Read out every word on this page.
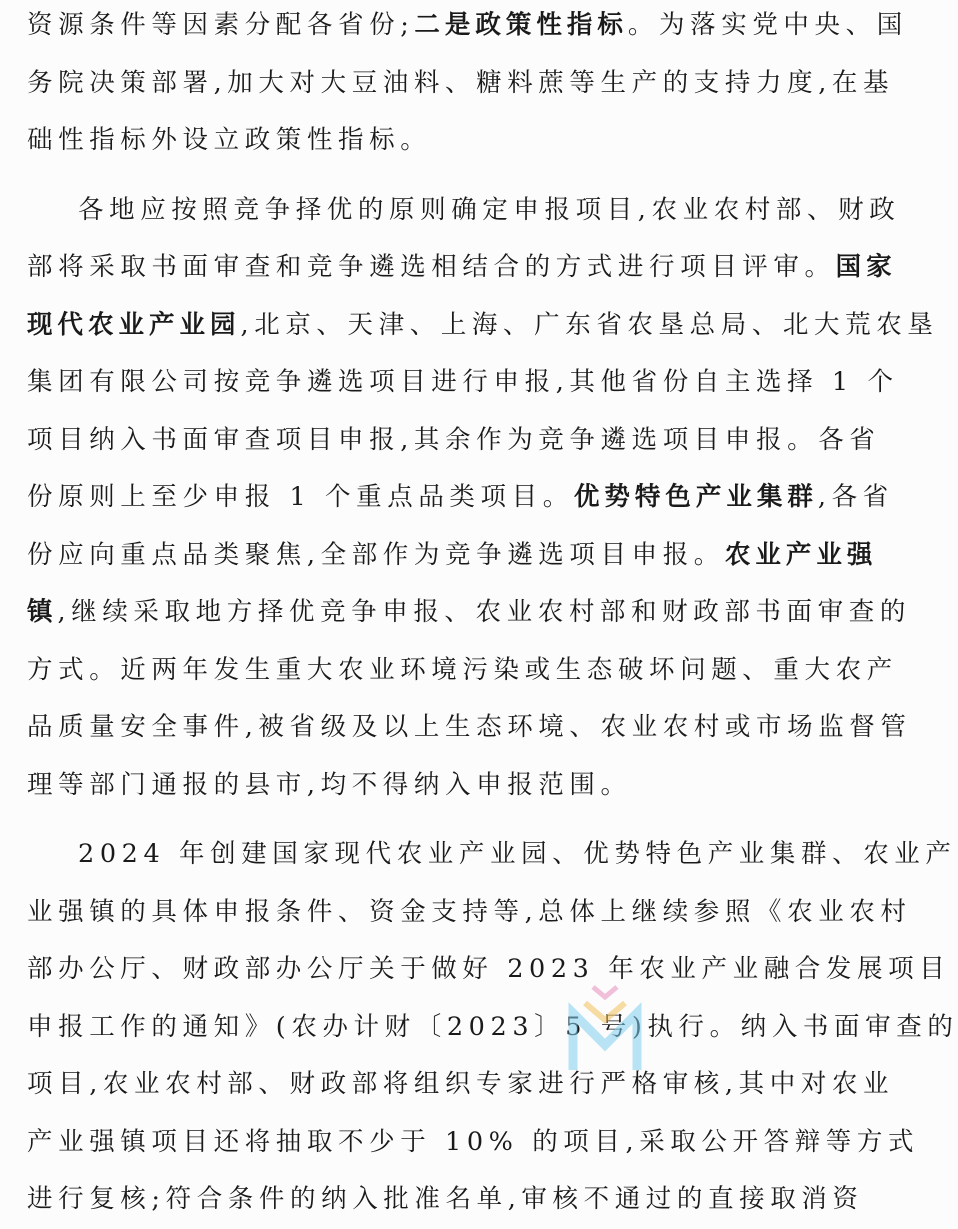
资源条件等因素分配各省份;二是政策性指标。为落实党中央、国
务院决策部署,加大对大豆油料、糖料蔗等生产的支持力度,在基
础性指标外设立政策性指标。
各地应按照竞争择优的原则确定申报项目,农业农村部、财政
部将采取书面审查和竞争遴选相结合的方式进行项目评审。国家
现代农业产业园,北京、天津、上海、广东省农垦总局、北大荒农垦
集团有限公司按竞争遴选项目进行申报,其他省份自主选择 1 个
项目纳入书面审查项目申报,其余作为竞争遴选项目申报。各省
份原则上至少申报 1 个重点品类项目。优势特色产业集群,各省
份应向重点品类聚焦,全部作为竞争遴选项目申报。农业产业强
镇,继续采取地方择优竞争申报、农业农村部和财政部书面审查的
方式。近两年发生重大农业环境污染或生态破坏问题、重大农产
品质量安全事件,被省级及以上生态环境、农业农村或市场监督管
理等部门通报的县市,均不得纳入申报范围。
2024 年创建国家现代农业产业园、优势特色产业集群、农业产
业强镇的具体申报条件、资金支持等,总体上继续参照《农业农村
部办公厅、财政部办公厅关于做好 2023 年农业产业融合发展项目
申报工作的通知》(农办计财〔2023〕5 号)执行。纳入书面审查的
项目,农业农村部、财政部将组织专家进行严格审核,其中对农业
产业强镇项目还将抽取不少于 10% 的项目,采取公开答辩等方式
进行复核;符合条件的纳入批准名单,审核不通过的直接取消资
